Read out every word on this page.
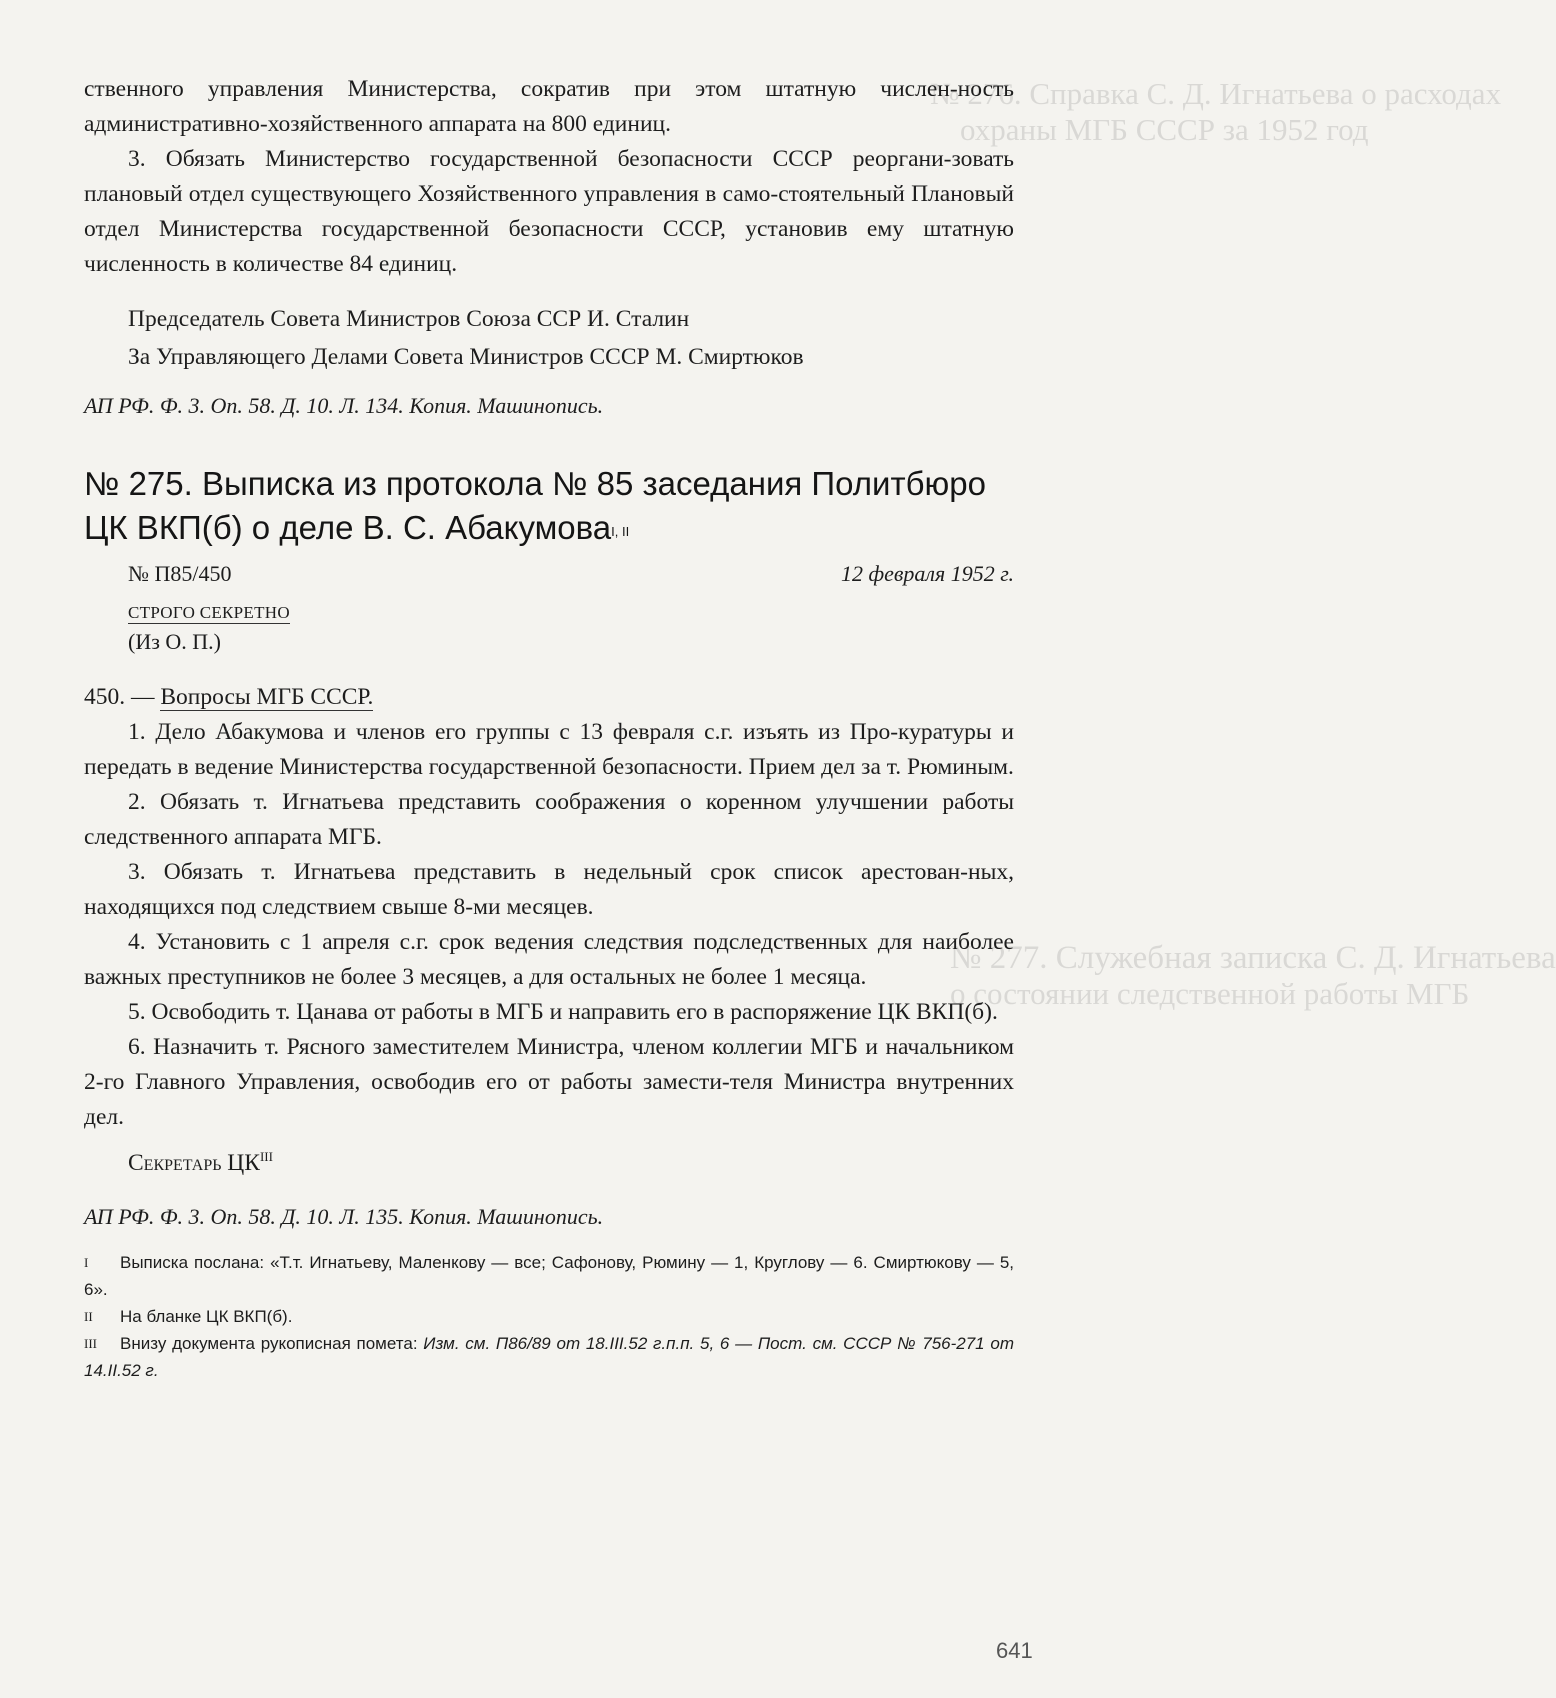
№ 276. Справка С. Д. Игнатьева о расходах
охраны МГБ СССР за 1952 год
№ 277. Служебная записка С. Д. Игнатьева
о состоянии следственной работы МГБ

ственного управления Министерства, сократив при этом штатную числен-ность административно-хозяйственного аппарата на 800 единиц.

3. Обязать Министерство государственной безопасности СССР реоргани-зовать плановый отдел существующего Хозяйственного управления в само-стоятельный Плановый отдел Министерства государственной безопасности СССР, установив ему штатную численность в количестве 84 единиц.

Председатель Совета Министров Союза ССР И. Сталин
За Управляющего Делами Совета Министров СССР М. Смиртюков
АП РФ. Ф. 3. Оп. 58. Д. 10. Л. 134. Копия. Машинопись.
№ 275. Выписка из протокола № 85 заседания Политбюро
ЦК ВКП(б) о деле В. С. Абакумова$^{I, II}$
№ П85/450	12 февраля 1952 г.
СТРОГО СЕКРЕТНО
(Из О. П.)

450. — Вопросы МГБ СССР.

1. Дело Абакумова и членов его группы с 13 февраля с.г. изъять из Про-куратуры и передать в ведение Министерства государственной безопасности. Прием дел за т. Рюминым.

2. Обязать т. Игнатьева представить соображения о коренном улучшении работы следственного аппарата МГБ.

3. Обязать т. Игнатьева представить в недельный срок список арестован-ных, находящихся под следствием свыше 8-ми месяцев.

4. Установить с 1 апреля с.г. срок ведения следствия подследственных для наиболее важных преступников не более 3 месяцев, а для остальных не более 1 месяца.

5. Освободить т. Цанава от работы в МГБ и направить его в распоряжение ЦК ВКП(б).

6. Назначить т. Рясного заместителем Министра, членом коллегии МГБ и начальником 2-го Главного Управления, освободив его от работы замести-теля Министра внутренних дел.

Секретарь $ЦК^{III}$

АП РФ. Ф. 3. Оп. 58. Д. 10. Л. 135. Копия. Машинопись.
I Выписка послана: «Т.т. Игнатьеву, Маленкову — все; Сафонову, Рюмину — 1, Круглову — 6. Смиртюкову — 5, 6».
II На бланке ЦК ВКП(б).
III Внизу документа рукописная помета: Изм. см. П86/89 от 18.III.52 г.п.п. 5, 6 — Пост. см. СССР № 756-271 от 14.II.52 г.
641
